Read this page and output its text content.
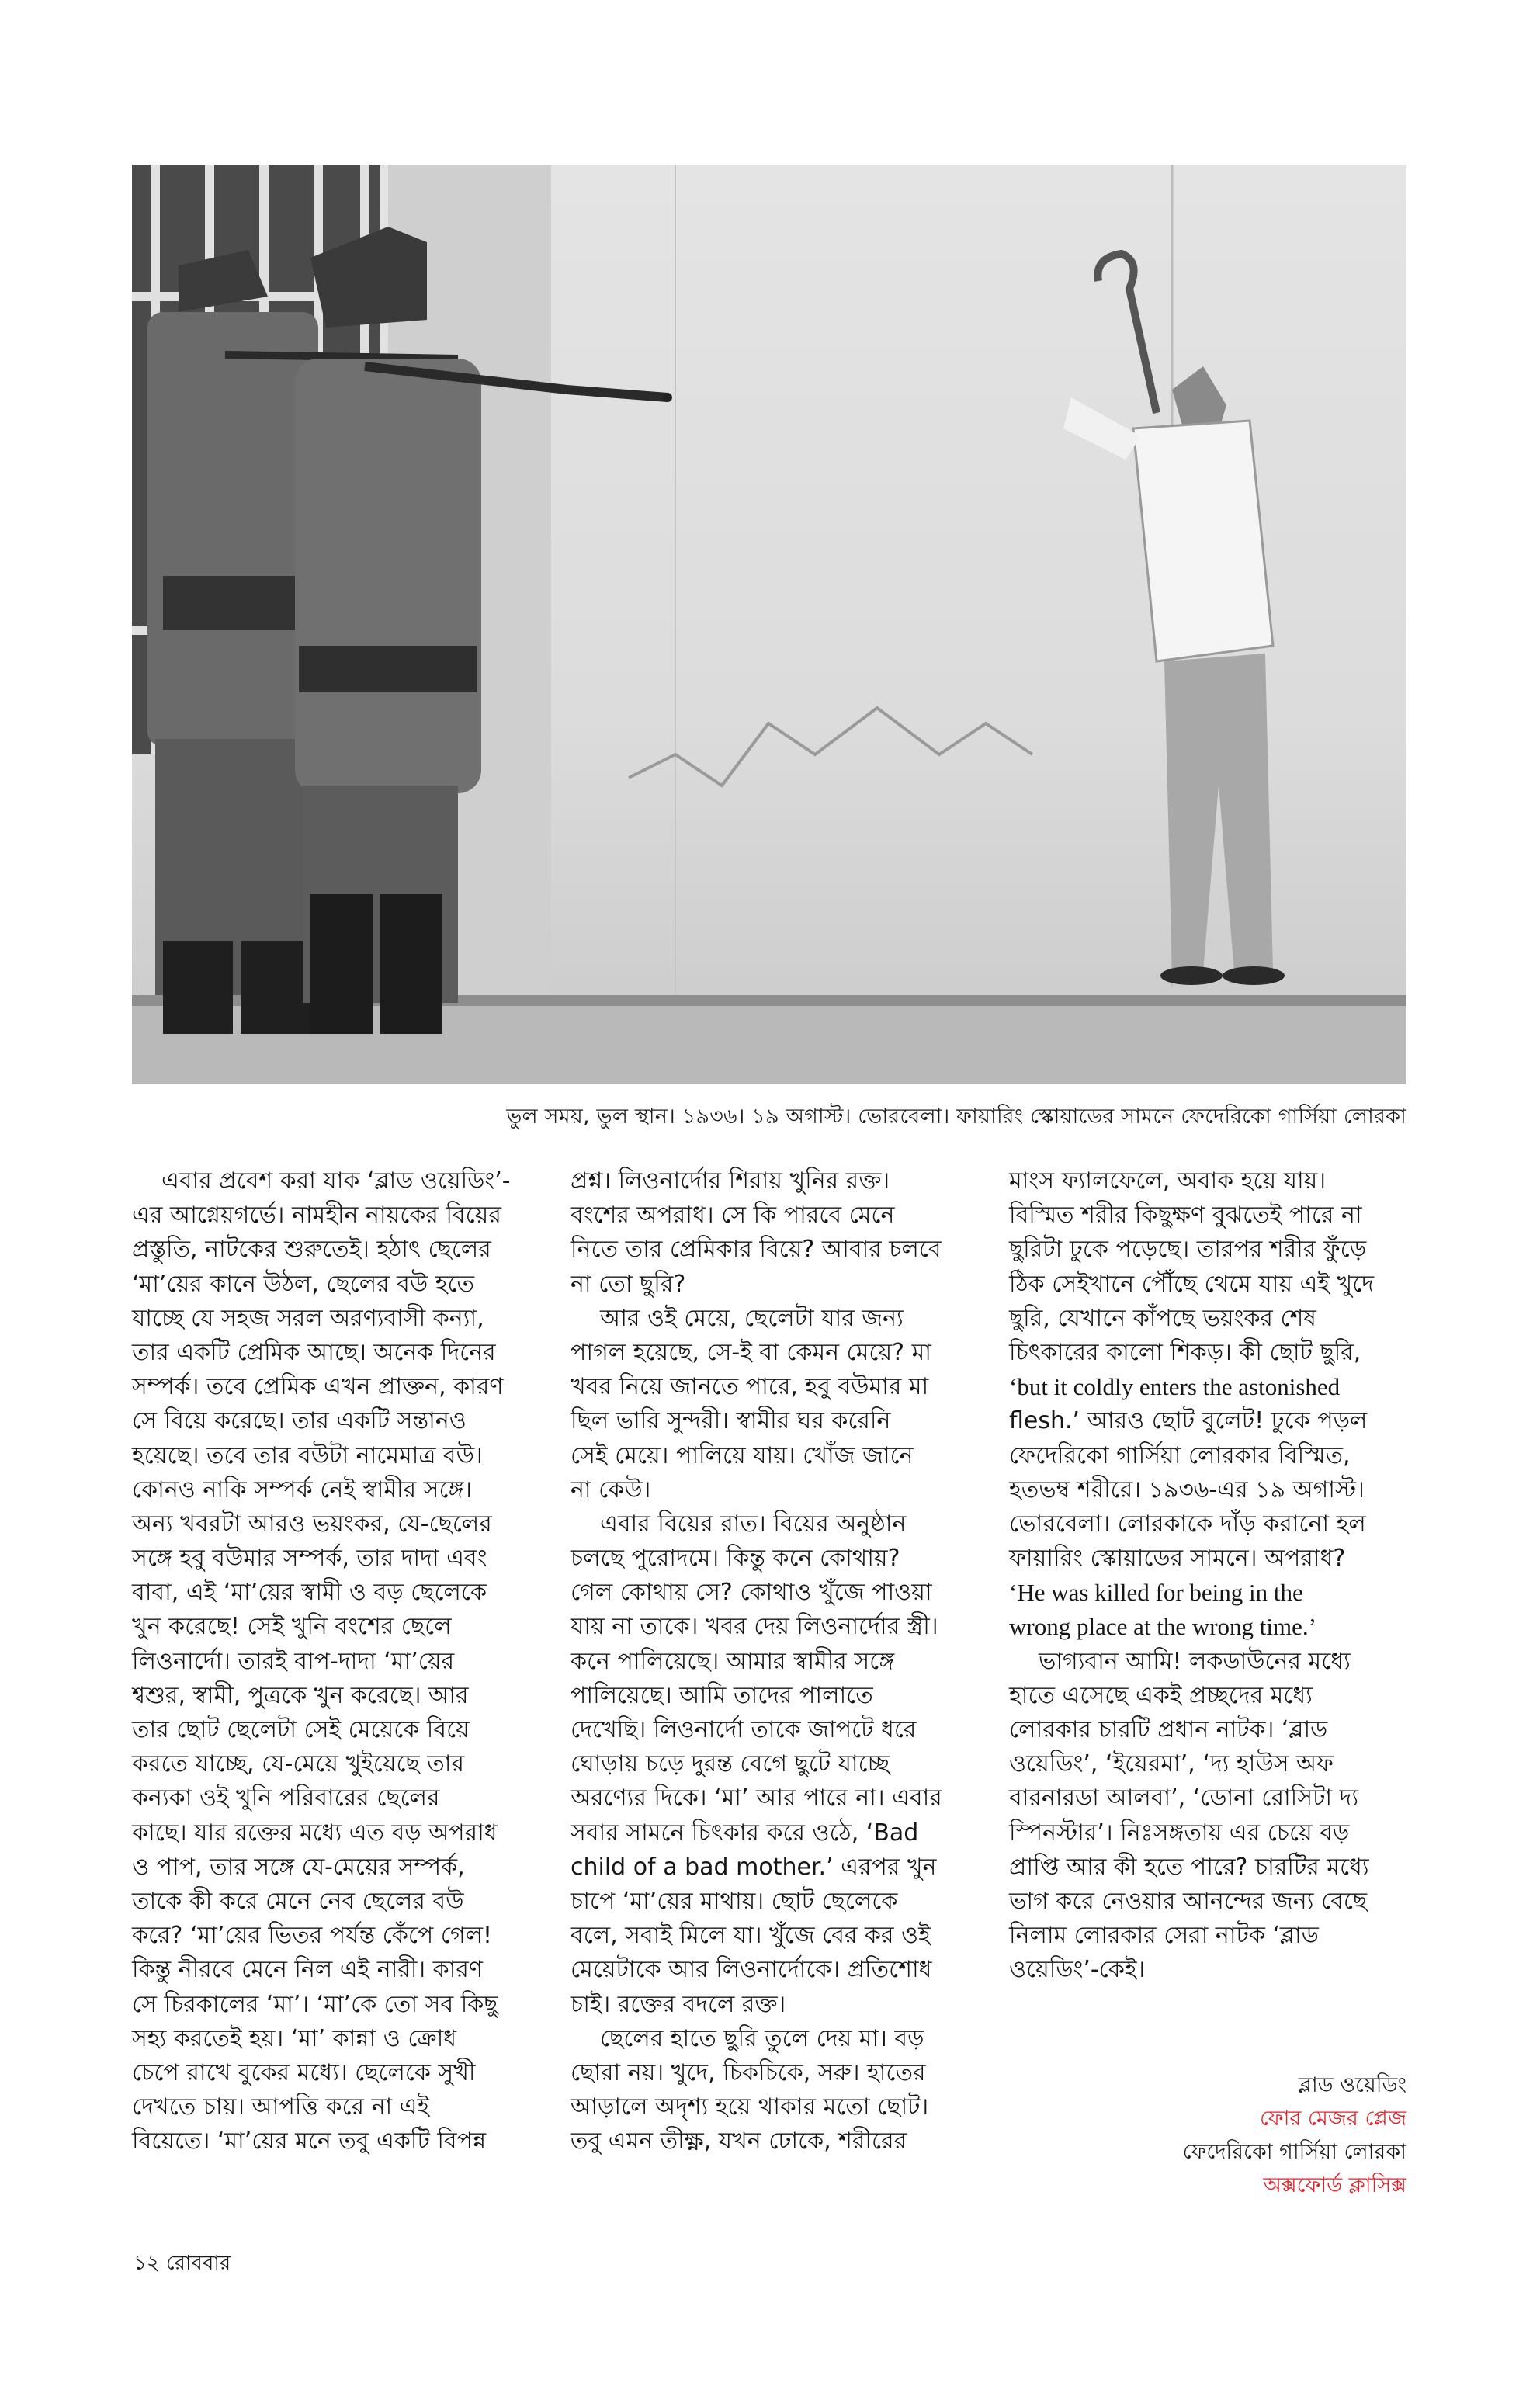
ভুল সময়, ভুল স্থান। ১৯৩৬। ১৯ অগাস্ট। ভোরবেলা। ফায়ারিং স্কোয়াডের সামনে ফেদেরিকো গার্সিয়া লোরকা
এবার প্রবেশ করা যাক ‘ব্লাড ওয়েডিং’-
এর আগ্নেয়গর্ভে। নামহীন নায়কের বিয়ের
প্রস্তুতি, নাটকের শুরুতেই। হঠাৎ ছেলের
‘মা’য়ের কানে উঠল, ছেলের বউ হতে
যাচ্ছে যে সহজ সরল অরণ্যবাসী কন্যা,
তার একটি প্রেমিক আছে। অনেক দিনের
সম্পর্ক। তবে প্রেমিক এখন প্রাক্তন, কারণ
সে বিয়ে করেছে। তার একটি সন্তানও
হয়েছে। তবে তার বউটা নামেমাত্র বউ।
কোনও নাকি সম্পর্ক নেই স্বামীর সঙ্গে।
অন্য খবরটা আরও ভয়ংকর, যে-ছেলের
সঙ্গে হবু বউমার সম্পর্ক, তার দাদা এবং
বাবা, এই ‘মা’য়ের স্বামী ও বড় ছেলেকে
খুন করেছে! সেই খুনি বংশের ছেলে
লিওনার্দো। তারই বাপ-দাদা ‘মা’য়ের
শ্বশুর, স্বামী, পুত্রকে খুন করেছে। আর
তার ছোট ছেলেটা সেই মেয়েকে বিয়ে
করতে যাচ্ছে, যে-মেয়ে খুইয়েছে তার
কন্যকা ওই খুনি পরিবারের ছেলের
কাছে। যার রক্তের মধ্যে এত বড় অপরাধ
ও পাপ, তার সঙ্গে যে-মেয়ের সম্পর্ক,
তাকে কী করে মেনে নেব ছেলের বউ
করে? ‘মা’য়ের ভিতর পর্যন্ত কেঁপে গেল!
কিন্তু নীরবে মেনে নিল এই নারী। কারণ
সে চিরকালের ‘মা’। ‘মা’কে তো সব কিছু
সহ্য করতেই হয়। ‘মা’ কান্না ও ক্রোধ
চেপে রাখে বুকের মধ্যে। ছেলেকে সুখী
দেখতে চায়। আপত্তি করে না এই
বিয়েতে। ‘মা’য়ের মনে তবু একটি বিপন্ন
প্রশ্ন। লিওনার্দোর শিরায় খুনির রক্ত।
বংশের অপরাধ। সে কি পারবে মেনে
নিতে তার প্রেমিকার বিয়ে? আবার চলবে
না তো ছুরি?
আর ওই মেয়ে, ছেলেটা যার জন্য
পাগল হয়েছে, সে-ই বা কেমন মেয়ে? মা
খবর নিয়ে জানতে পারে, হবু বউমার মা
ছিল ভারি সুন্দরী। স্বামীর ঘর করেনি
সেই মেয়ে। পালিয়ে যায়। খোঁজ জানে
না কেউ।
এবার বিয়ের রাত। বিয়ের অনুষ্ঠান
চলছে পুরোদমে। কিন্তু কনে কোথায়?
গেল কোথায় সে? কোথাও খুঁজে পাওয়া
যায় না তাকে। খবর দেয় লিওনার্দোর স্ত্রী।
কনে পালিয়েছে। আমার স্বামীর সঙ্গে
পালিয়েছে। আমি তাদের পালাতে
দেখেছি। লিওনার্দো তাকে জাপটে ধরে
ঘোড়ায় চড়ে দুরন্ত বেগে ছুটে যাচ্ছে
অরণ্যের দিকে। ‘মা’ আর পারে না। এবার
সবার সামনে চিৎকার করে ওঠে, ‘Bad
child of a bad mother.’ এরপর খুন
চাপে ‘মা’য়ের মাথায়। ছোট ছেলেকে
বলে, সবাই মিলে যা। খুঁজে বের কর ওই
মেয়েটাকে আর লিওনার্দোকে। প্রতিশোধ
চাই। রক্তের বদলে রক্ত।
ছেলের হাতে ছুরি তুলে দেয় মা। বড়
ছোরা নয়। খুদে, চিকচিকে, সরু। হাতের
আড়ালে অদৃশ্য হয়ে থাকার মতো ছোট।
তবু এমন তীক্ষ্ণ, যখন ঢোকে, শরীরের
মাংস ফ্যালফেলে, অবাক হয়ে যায়।
বিস্মিত শরীর কিছুক্ষণ বুঝতেই পারে না
ছুরিটা ঢুকে পড়েছে। তারপর শরীর ফুঁড়ে
ঠিক সেইখানে পৌঁছে থেমে যায় এই খুদে
ছুরি, যেখানে কাঁপছে ভয়ংকর শেষ
চিৎকারের কালো শিকড়। কী ছোট ছুরি,
‘but it coldly enters the astonished
flesh.’ আরও ছোট বুলেট! ঢুকে পড়ল
ফেদেরিকো গার্সিয়া লোরকার বিস্মিত,
হতভম্ব শরীরে। ১৯৩৬-এর ১৯ অগাস্ট।
ভোরবেলা। লোরকাকে দাঁড় করানো হল
ফায়ারিং স্কোয়াডের সামনে। অপরাধ?
‘He was killed for being in the
wrong place at the wrong time.’
ভাগ্যবান আমি! লকডাউনের মধ্যে
হাতে এসেছে একই প্রচ্ছদের মধ্যে
লোরকার চারটি প্রধান নাটক। ‘ব্লাড
ওয়েডিং’, ‘ইয়েরমা’, ‘দ্য হাউস অফ
বারনারডা আলবা’, ‘ডোনা রোসিটা দ্য
স্পিনস্টার’। নিঃসঙ্গতায় এর চেয়ে বড়
প্রাপ্তি আর কী হতে পারে? চারটির মধ্যে
ভাগ করে নেওয়ার আনন্দের জন্য বেছে
নিলাম লোরকার সেরা নাটক ‘ব্লাড
ওয়েডিং’-কেই।
ব্লাড ওয়েডিং
ফোর মেজর প্লেজ
ফেদেরিকো গার্সিয়া লোরকা
অক্সফোর্ড ক্লাসিক্স
১২ রোববার
